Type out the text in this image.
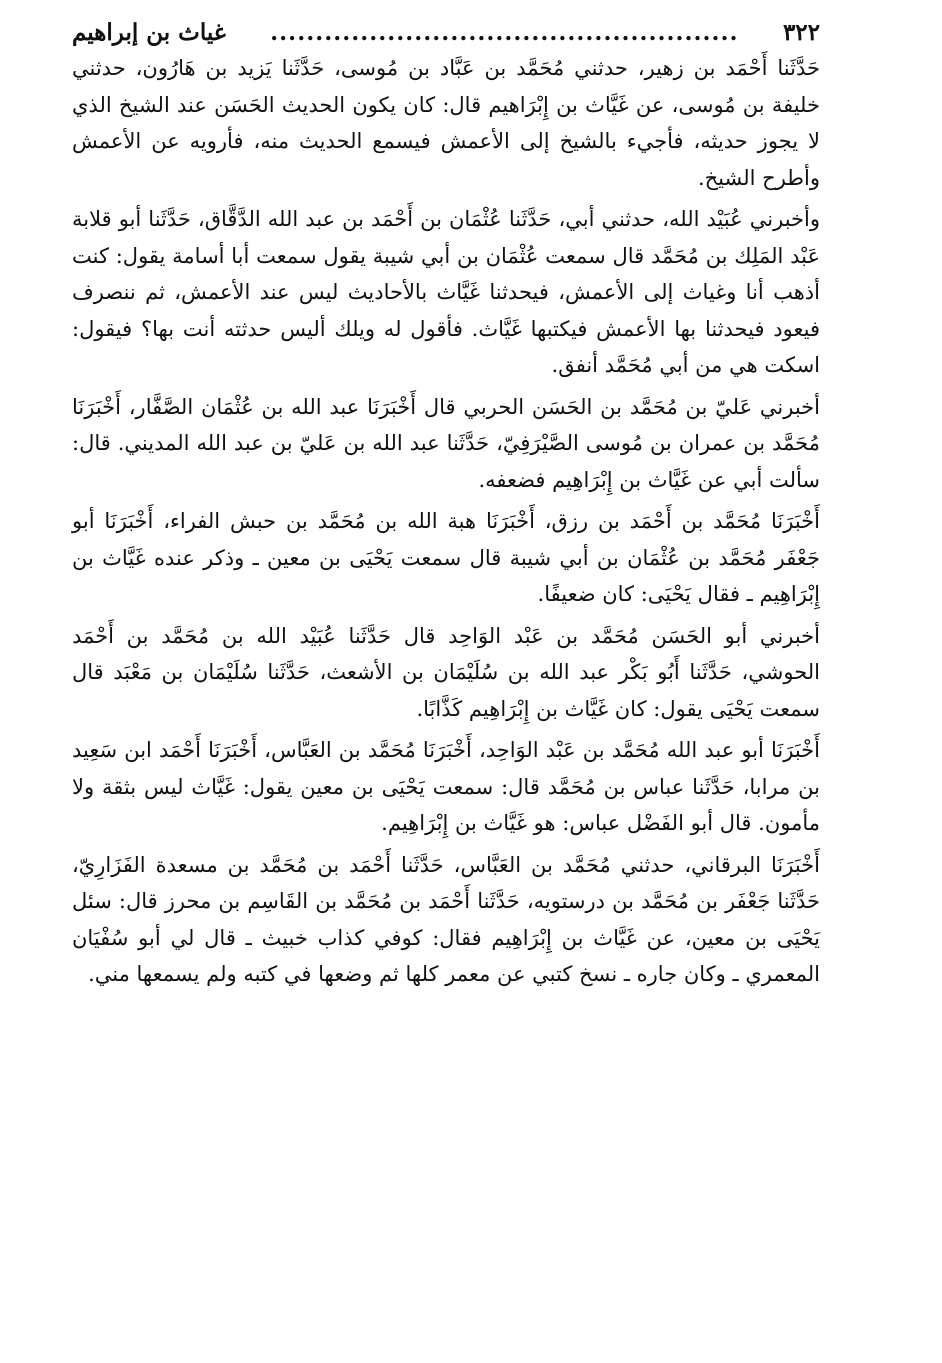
٣٢٢
....................................................
غياث بن إبراهيم

حَدَّثَنا أَحْمَد بن زهير، حدثني مُحَمَّد بن عَبَّاد بن مُوسى، حَدَّثَنا يَزيد بن هَارُون، حدثني خليفة بن مُوسى، عن غَيَّاث بن إِبْرَاهيم قال: كان يكون الحديث الحَسَن عند الشيخ الذي لا يجوز حديثه، فأجيء بالشيخ إلى الأعمش فيسمع الحديث منه، فأرويه عن الأعمش وأطرح الشيخ.

وأخبرني عُبَيْد الله، حدثني أبي، حَدَّثَنا عُثْمَان بن أَحْمَد بن عبد الله الدَّقَّاق، حَدَّثَنا أبو قلابة عَبْد المَلِك بن مُحَمَّد قال سمعت عُثْمَان بن أبي شيبة يقول سمعت أبا أسامة يقول: كنت أذهب أنا وغياث إلى الأعمش، فيحدثنا غَيَّاث بالأحاديث ليس عند الأعمش، ثم ننصرف فيعود فيحدثنا بها الأعمش فيكتبها غَيَّاث. فأقول له ويلك أليس حدثته أنت بها؟ فيقول: اسكت هي من أبي مُحَمَّد أنفق.

أخبرني عَليّ بن مُحَمَّد بن الحَسَن الحربي قال أَخْبَرَنَا عبد الله بن عُثْمَان الصَّفَّار، أَخْبَرَنَا مُحَمَّد بن عمران بن مُوسى الصَّيْرَفِيّ، حَدَّثَنا عبد الله بن عَليّ بن عبد الله المديني. قال: سألت أبي عن غَيَّاث بن إِبْرَاهِيم فضعفه.

أَخْبَرَنَا مُحَمَّد بن أَحْمَد بن رزق، أَخْبَرَنَا هبة الله بن مُحَمَّد بن حبش الفراء، أَخْبَرَنَا أبو جَعْفَر مُحَمَّد بن عُثْمَان بن أبي شيبة قال سمعت يَحْيَى بن معين ـ وذكر عنده غَيَّاث بن إِبْرَاهِيم ـ فقال يَحْيَى: كان ضعيفًا.

أخبرني أبو الحَسَن مُحَمَّد بن عَبْد الوَاحِد قال حَدَّثَنا عُبَيْد الله بن مُحَمَّد بن أَحْمَد الحوشي، حَدَّثَنا أَبُو بَكْر عبد الله بن سُلَيْمَان بن الأشعث، حَدَّثَنا سُلَيْمَان بن مَعْبَد قال سمعت يَحْيَى يقول: كان غَيَّاث بن إِبْرَاهِيم كَذَّابًا.

أَخْبَرَنَا أبو عبد الله مُحَمَّد بن عَبْد الوَاحِد، أَخْبَرَنَا مُحَمَّد بن العَبَّاس، أَخْبَرَنَا أَحْمَد ابن سَعِيد بن مرابا، حَدَّثَنا عباس بن مُحَمَّد قال: سمعت يَحْيَى بن معين يقول: غَيَّاث ليس بثقة ولا مأمون. قال أبو الفَضْل عباس: هو غَيَّاث بن إِبْرَاهِيم.

أَخْبَرَنَا البرقاني، حدثني مُحَمَّد بن العَبَّاس، حَدَّثَنا أَحْمَد بن مُحَمَّد بن مسعدة الفَزَارِيّ، حَدَّثَنا جَعْفَر بن مُحَمَّد بن درستويه، حَدَّثَنا أَحْمَد بن مُحَمَّد بن القَاسِم بن محرز قال: سئل يَحْيَى بن معين، عن غَيَّاث بن إِبْرَاهِيم فقال: كوفي كذاب خبيث ـ قال لي أبو سُفْيَان المعمري ـ وكان جاره ـ نسخ كتبي عن معمر كلها ثم وضعها في كتبه ولم يسمعها مني.
